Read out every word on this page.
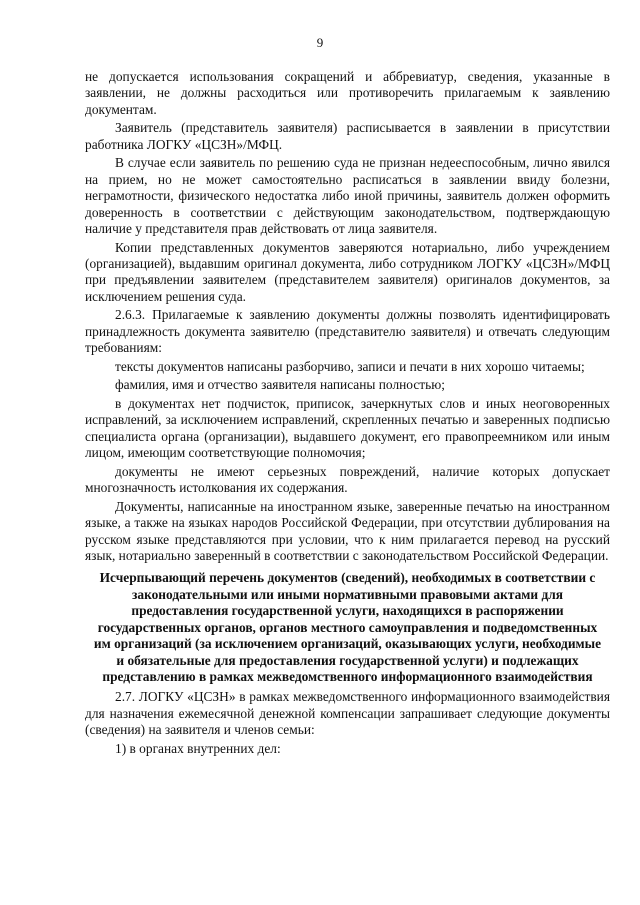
9

не допускается использования сокращений и аббревиатур, сведения, указанные в заявлении, не должны расходиться или противоречить прилагаемым к заявлению документам.

Заявитель (представитель заявителя) расписывается в заявлении в присутствии работника ЛОГКУ «ЦСЗН»/МФЦ.

В случае если заявитель по решению суда не признан недееспособным, лично явился на прием, но не может самостоятельно расписаться в заявлении ввиду болезни, неграмотности, физического недостатка либо иной причины, заявитель должен оформить доверенность в соответствии с действующим законодательством, подтверждающую наличие у представителя прав действовать от лица заявителя.

Копии представленных документов заверяются нотариально, либо учреждением (организацией), выдавшим оригинал документа, либо сотрудником ЛОГКУ «ЦСЗН»/МФЦ при предъявлении заявителем (представителем заявителя) оригиналов документов, за исключением решения суда.

2.6.3. Прилагаемые к заявлению документы должны позволять идентифицировать принадлежность документа заявителю (представителю заявителя) и отвечать следующим требованиям:

тексты документов написаны разборчиво, записи и печати в них хорошо читаемы;

фамилия, имя и отчество заявителя написаны полностью;

в документах нет подчисток, приписок, зачеркнутых слов и иных неоговоренных исправлений, за исключением исправлений, скрепленных печатью и заверенных подписью специалиста органа (организации), выдавшего документ, его правопреемником или иным лицом, имеющим соответствующие полномочия;

документы не имеют серьезных повреждений, наличие которых допускает многозначность истолкования их содержания.

Документы, написанные на иностранном языке, заверенные печатью на иностранном языке, а также на языках народов Российской Федерации, при отсутствии дублирования на русском языке представляются при условии, что к ним прилагается перевод на русский язык, нотариально заверенный в соответствии с законодательством Российской Федерации.

Исчерпывающий перечень документов (сведений), необходимых в соответствии с законодательными или иными нормативными правовыми актами для предоставления государственной услуги, находящихся в распоряжении государственных органов, органов местного самоуправления и подведомственных им организаций (за исключением организаций, оказывающих услуги, необходимые и обязательные для предоставления государственной услуги) и подлежащих представлению в рамках межведомственного информационного взаимодействия

2.7. ЛОГКУ «ЦСЗН» в рамках межведомственного информационного взаимодействия для назначения ежемесячной денежной компенсации запрашивает следующие документы (сведения) на заявителя и членов семьи:

1) в органах внутренних дел:
